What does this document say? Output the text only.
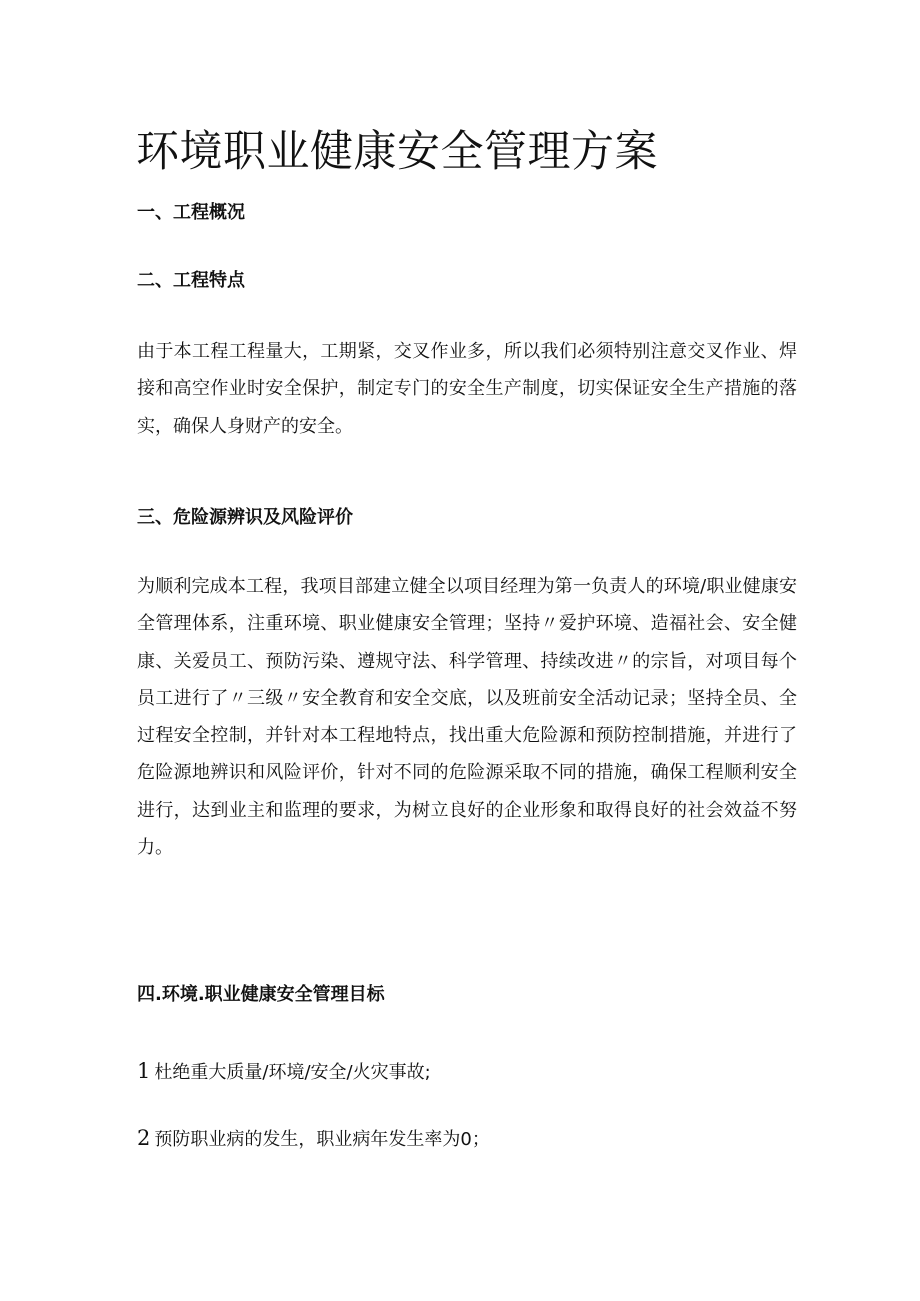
环境职业健康安全管理方案
一、工程概况
二、工程特点

由于本工程工程量大，工期紧，交叉作业多，所以我们必须特别注意交叉作业、焊接和高空作业时安全保护，制定专门的安全生产制度，切实保证安全生产措施的落实，确保人身财产的安全。

三、危险源辨识及风险评价

为顺利完成本工程，我项目部建立健全以项目经理为第一负责人的环境/职业健康安全管理体系，注重环境、职业健康安全管理；坚持〃爱护环境、造福社会、安全健康、关爱员工、预防污染、遵规守法、科学管理、持续改进〃的宗旨，对项目每个员工进行了〃三级〃安全教育和安全交底，以及班前安全活动记录；坚持全员、全过程安全控制，并针对本工程地特点，找出重大危险源和预防控制措施，并进行了危险源地辨识和风险评价，针对不同的危险源采取不同的措施，确保工程顺利安全进行，达到业主和监理的要求，为树立良好的企业形象和取得良好的社会效益不努力。

四.环境.职业健康安全管理目标

1 杜绝重大质量/环境/安全/火灾事故;

2 预防职业病的发生，职业病年发生率为0；
